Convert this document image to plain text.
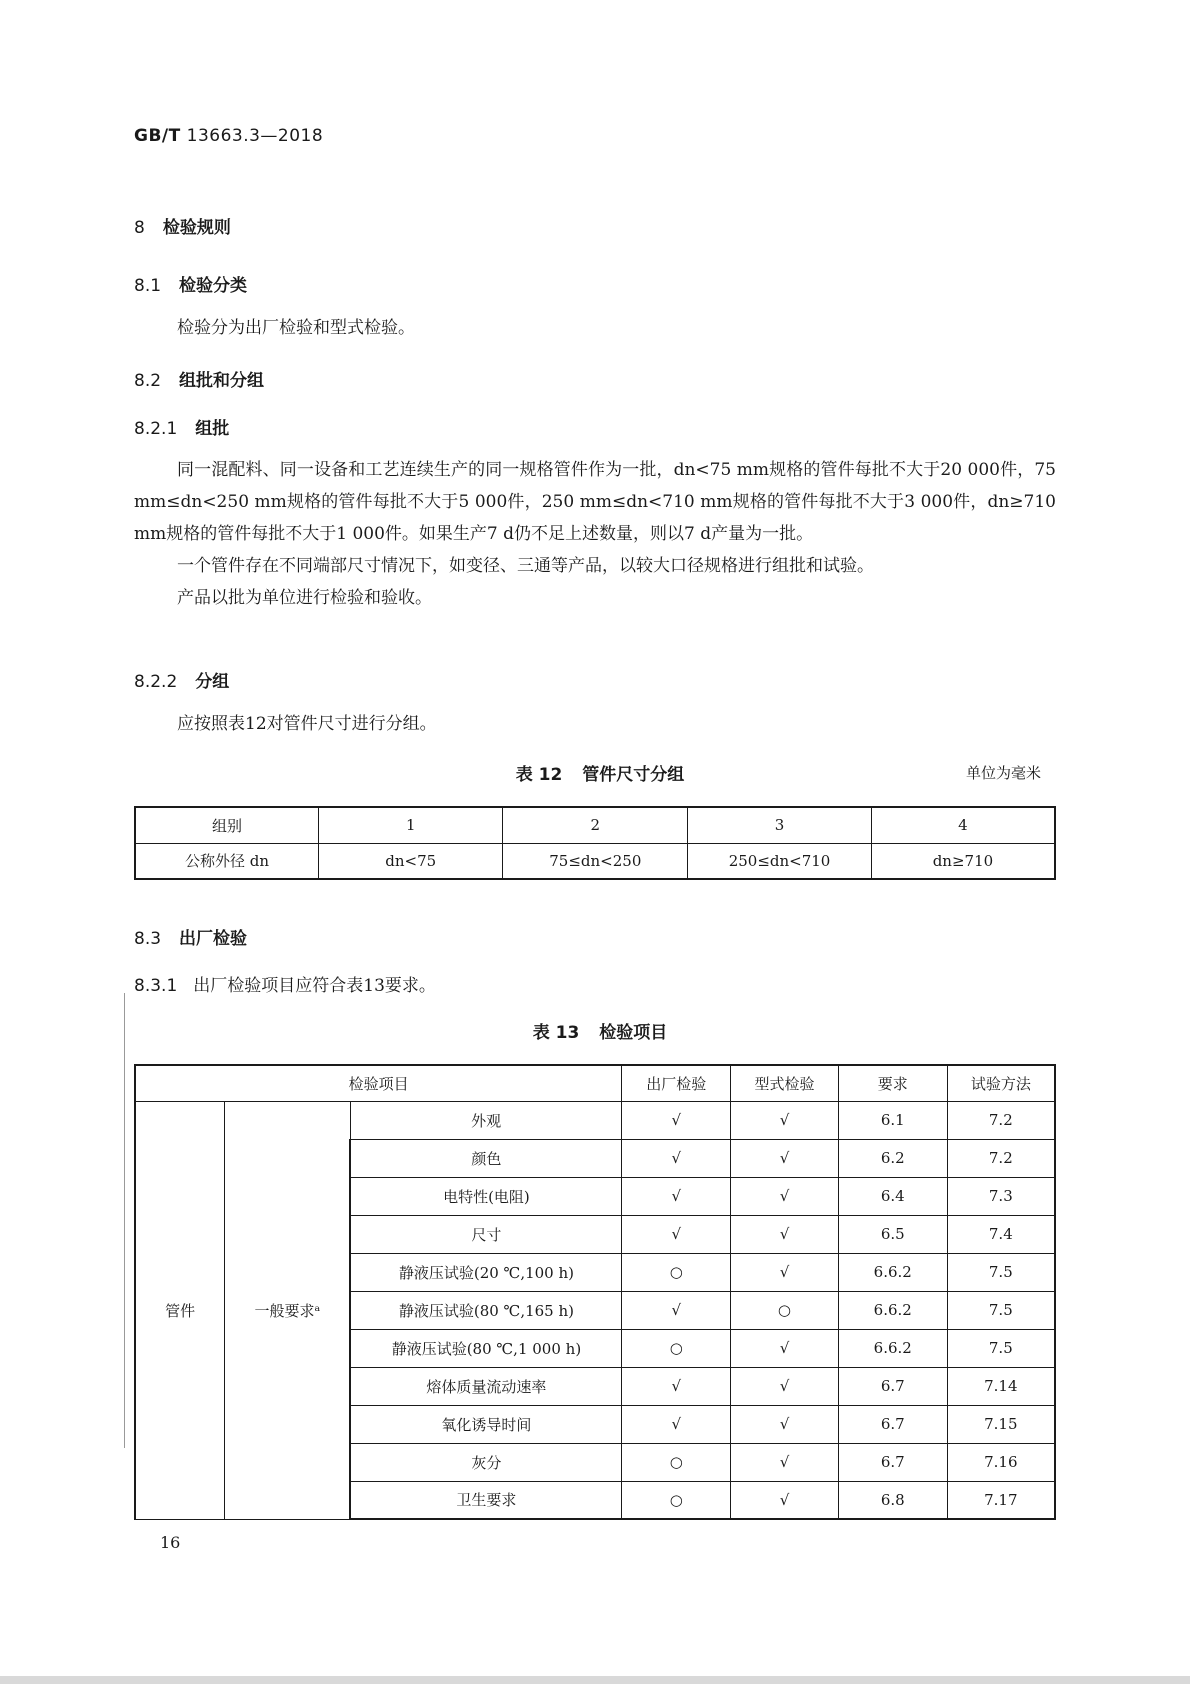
GB/T 13663.3—2018
8 检验规则
8.1 检验分类

检验分为出厂检验和型式检验。

8.2 组批和分组
8.2.1 组批

同一混配料、同一设备和工艺连续生产的同一规格管件作为一批，dn<75 mm规格的管件每批不大于20 000件，75 mm≤dn<250 mm规格的管件每批不大于5 000件，250 mm≤dn<710 mm规格的管件每批不大于3 000件，dn≥710 mm规格的管件每批不大于1 000件。如果生产7 d仍不足上述数量，则以7 d产量为一批。

一个管件存在不同端部尺寸情况下，如变径、三通等产品，以较大口径规格进行组批和试验。

产品以批为单位进行检验和验收。

8.2.2 分组

应按照表12对管件尺寸进行分组。

表 12 管件尺寸分组	单位为毫米
组别	1	2	3	4
公称外径 dn	dn<75	75≤dn<250	250≤dn<710	dn≥710
8.3 出厂检验
8.3.1 出厂检验项目应符合表13要求。
表 13 检验项目
检验项目			出厂检验	型式检验	要求	试验方法
管件	一般要求ᵃ	外观	√	√	6.1	7.2
		颜色	√	√	6.2	7.2
		电特性(电阻)	√	√	6.4	7.3
		尺寸	√	√	6.5	7.4
		静液压试验(20 ℃,100 h)	○	√	6.6.2	7.5
		静液压试验(80 ℃,165 h)	√	○	6.6.2	7.5
		静液压试验(80 ℃,1 000 h)	○	√	6.6.2	7.5
		熔体质量流动速率	√	√	6.7	7.14
		氧化诱导时间	√	√	6.7	7.15
		灰分	○	√	6.7	7.16
		卫生要求	○	√	6.8	7.17
16
